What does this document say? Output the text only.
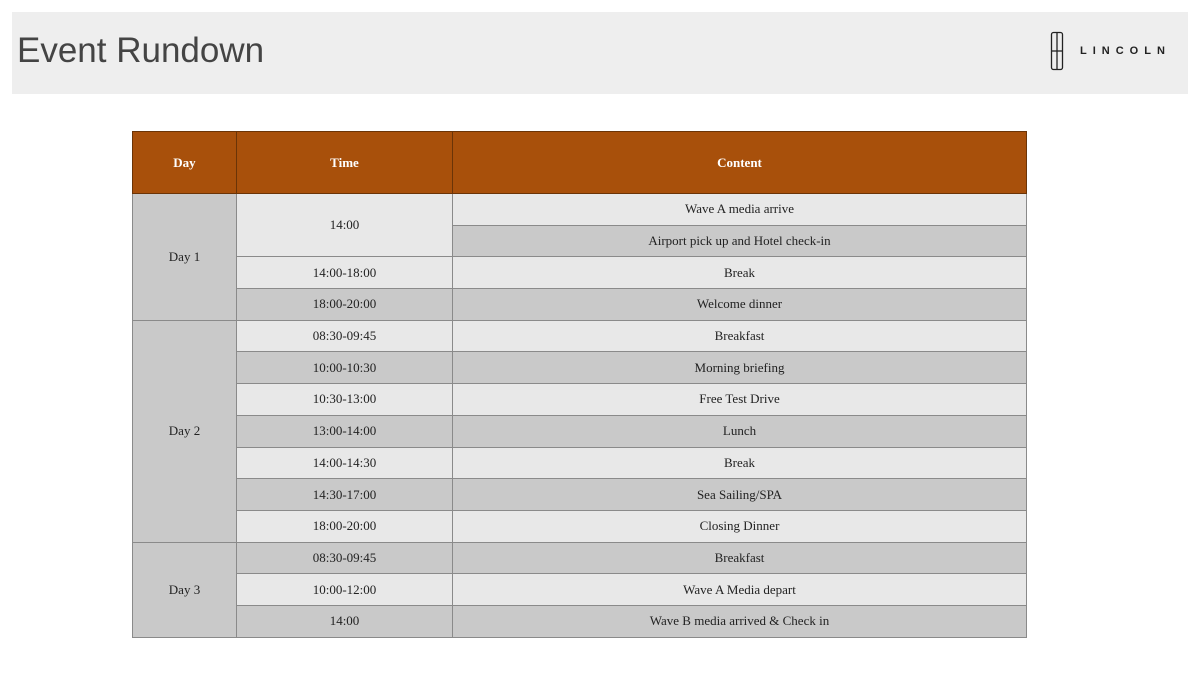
Event Rundown	LINCOLN
Day	Time	Content
Day 1	14:00	Wave A media arrive
		Airport pick up and Hotel check-in
	14:00-18:00	Break
	18:00-20:00	Welcome dinner
Day 2	08:30-09:45	Breakfast
	10:00-10:30	Morning briefing
	10:30-13:00	Free Test Drive
	13:00-14:00	Lunch
	14:00-14:30	Break
	14:30-17:00	Sea Sailing/SPA
	18:00-20:00	Closing Dinner
Day 3	08:30-09:45	Breakfast
	10:00-12:00	Wave A Media depart
	14:00	Wave B media arrived & Check in
